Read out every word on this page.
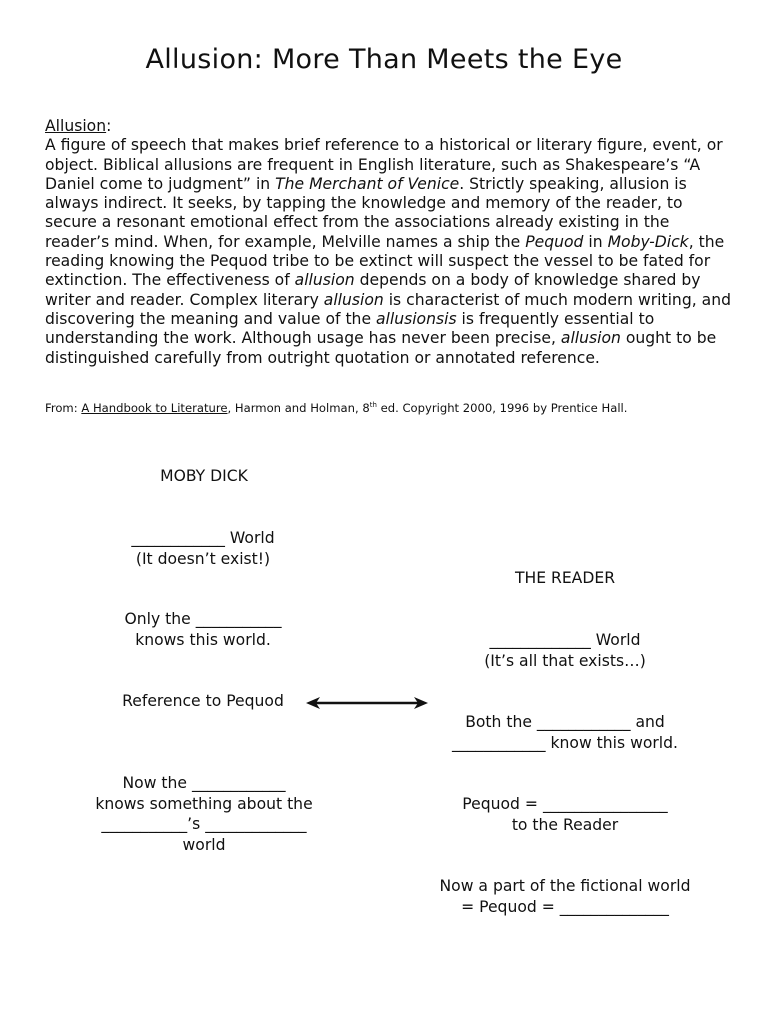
Allusion: More Than Meets the Eye
Allusion:
A figure of speech that makes brief reference to a historical or literary figure, event, or object. Biblical allusions are frequent in English literature, such as Shakespeare’s “A Daniel come to judgment” in The Merchant of Venice. Strictly speaking, allusion is always indirect. It seeks, by tapping the knowledge and memory of the reader, to secure a resonant emotional effect from the associations already existing in the reader’s mind. When, for example, Melville names a ship the Pequod in Moby-Dick, the reading knowing the Pequod tribe to be extinct will suspect the vessel to be fated for extinction. The effectiveness of allusion depends on a body of knowledge shared by writer and reader. Complex literary allusion is characterist of much modern writing, and discovering the meaning and value of the allusionsis is frequently essential to understanding the work. Although usage has never been precise, allusion ought to be distinguished carefully from outright quotation or annotated reference.
From: A Handbook to Literature, Harmon and Holman, 8th ed. Copyright 2000, 1996 by Prentice Hall.
MOBY DICK
____________ World
(It doesn’t exist!)
Only the ___________
knows this world.
Reference to Pequod
Now the ____________
knows something about the
___________’s _____________
world
THE READER
_____________ World
(It’s all that exists…)
Both the ____________ and
____________ know this world.
Pequod = ________________
to the Reader
Now a part of the fictional world
= Pequod = ______________
